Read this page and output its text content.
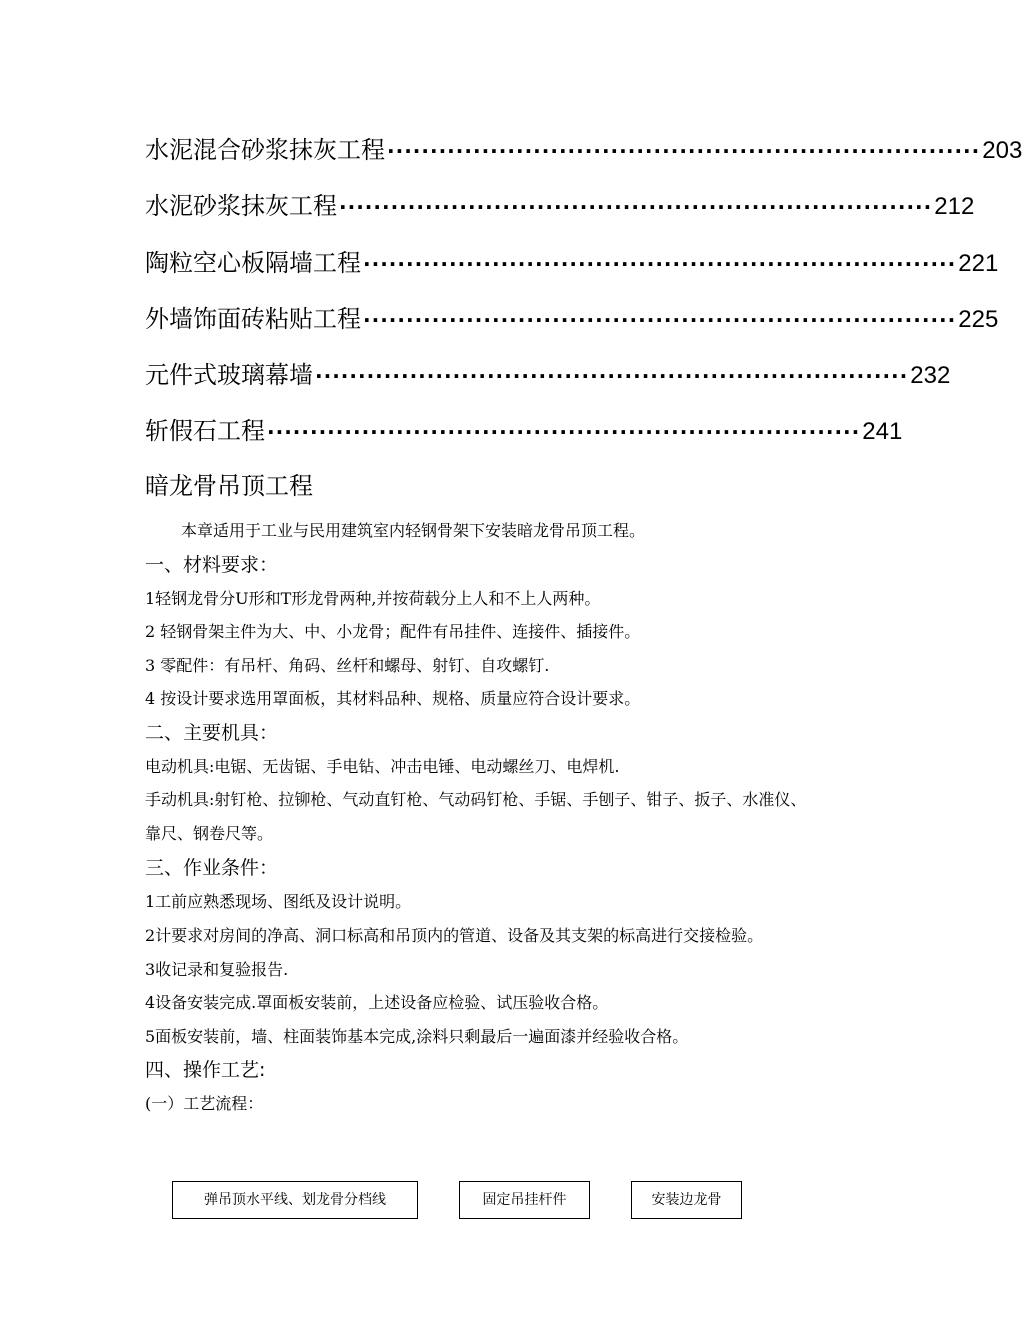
水泥混合砂浆抹灰工程 ····································································· 203
水泥砂浆抹灰工程 ····································································· 212
陶粒空心板隔墙工程 ····································································· 221
外墙饰面砖粘贴工程 ····································································· 225
元件式玻璃幕墙 ····································································· 232
斩假石工程 ····································································· 241
暗龙骨吊顶工程

本章适用于工业与民用建筑室内轻钢骨架下安装暗龙骨吊顶工程。

一、材料要求：

1轻钢龙骨分U形和T形龙骨两种,并按荷载分上人和不上人两种。

2 轻钢骨架主件为大、中、小龙骨；配件有吊挂件、连接件、插接件。

3 零配件：有吊杆、角码、丝杆和螺母、射钉、自攻螺钉.

4 按设计要求选用罩面板，其材料品种、规格、质量应符合设计要求。

二、主要机具：

电动机具:电锯、无齿锯、手电钻、冲击电锤、电动螺丝刀、电焊机.

手动机具:射钉枪、拉铆枪、气动直钉枪、气动码钉枪、手锯、手刨子、钳子、扳子、水准仪、靠尺、钢卷尺等。

三、作业条件：

1工前应熟悉现场、图纸及设计说明。

2计要求对房间的净高、洞口标高和吊顶内的管道、设备及其支架的标高进行交接检验。

3收记录和复验报告.

4设备安装完成.罩面板安装前，上述设备应检验、试压验收合格。

5面板安装前，墙、柱面装饰基本完成,涂料只剩最后一遍面漆并经验收合格。

四、操作工艺:

(一）工艺流程：

弹吊顶水平线、划龙骨分档线	固定吊挂杆件	安装边龙骨
